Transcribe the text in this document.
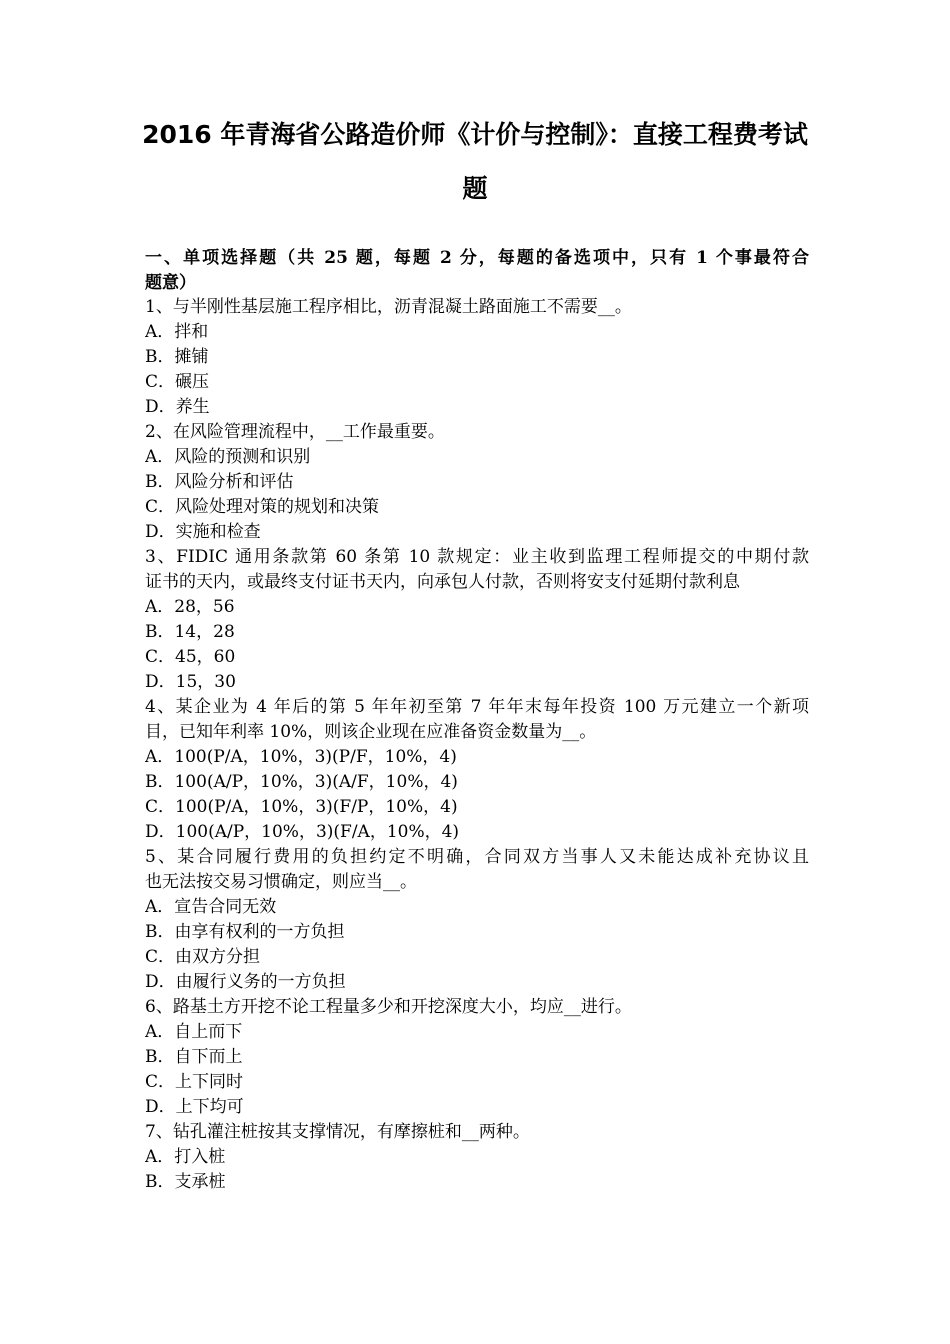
2016 年青海省公路造价师《计价与控制》：直接工程费考试
题
一、单项选择题（共 25 题，每题 2 分，每题的备选项中，只有 1 个事最符合
题意）
1、与半刚性基层施工程序相比，沥青混凝土路面施工不需要__。
A．拌和
B．摊铺
C．碾压
D．养生
2、在风险管理流程中，__工作最重要。
A．风险的预测和识别
B．风险分析和评估
C．风险处理对策的规划和决策
D．实施和检查
3、FIDIC 通用条款第 60 条第 10 款规定：业主收到监理工程师提交的中期付款
证书的天内，或最终支付证书天内，向承包人付款，否则将安支付延期付款利息
A．28，56
B．14，28
C．45，60
D．15，30
4、某企业为 4 年后的第 5 年年初至第 7 年年末每年投资 100 万元建立一个新项
目，已知年利率 10%，则该企业现在应准备资金数量为__。
A．100(P/A，10%，3)(P/F，10%，4)
B．100(A/P，10%，3)(A/F，10%，4)
C．100(P/A，10%，3)(F/P，10%，4)
D．100(A/P，10%，3)(F/A，10%，4)
5、某合同履行费用的负担约定不明确，合同双方当事人又未能达成补充协议且
也无法按交易习惯确定，则应当__。
A．宣告合同无效
B．由享有权利的一方负担
C．由双方分担
D．由履行义务的一方负担
6、路基土方开挖不论工程量多少和开挖深度大小，均应__进行。
A．自上而下
B．自下而上
C．上下同时
D．上下均可
7、钻孔灌注桩按其支撑情况，有摩擦桩和__两种。
A．打入桩
B．支承桩
